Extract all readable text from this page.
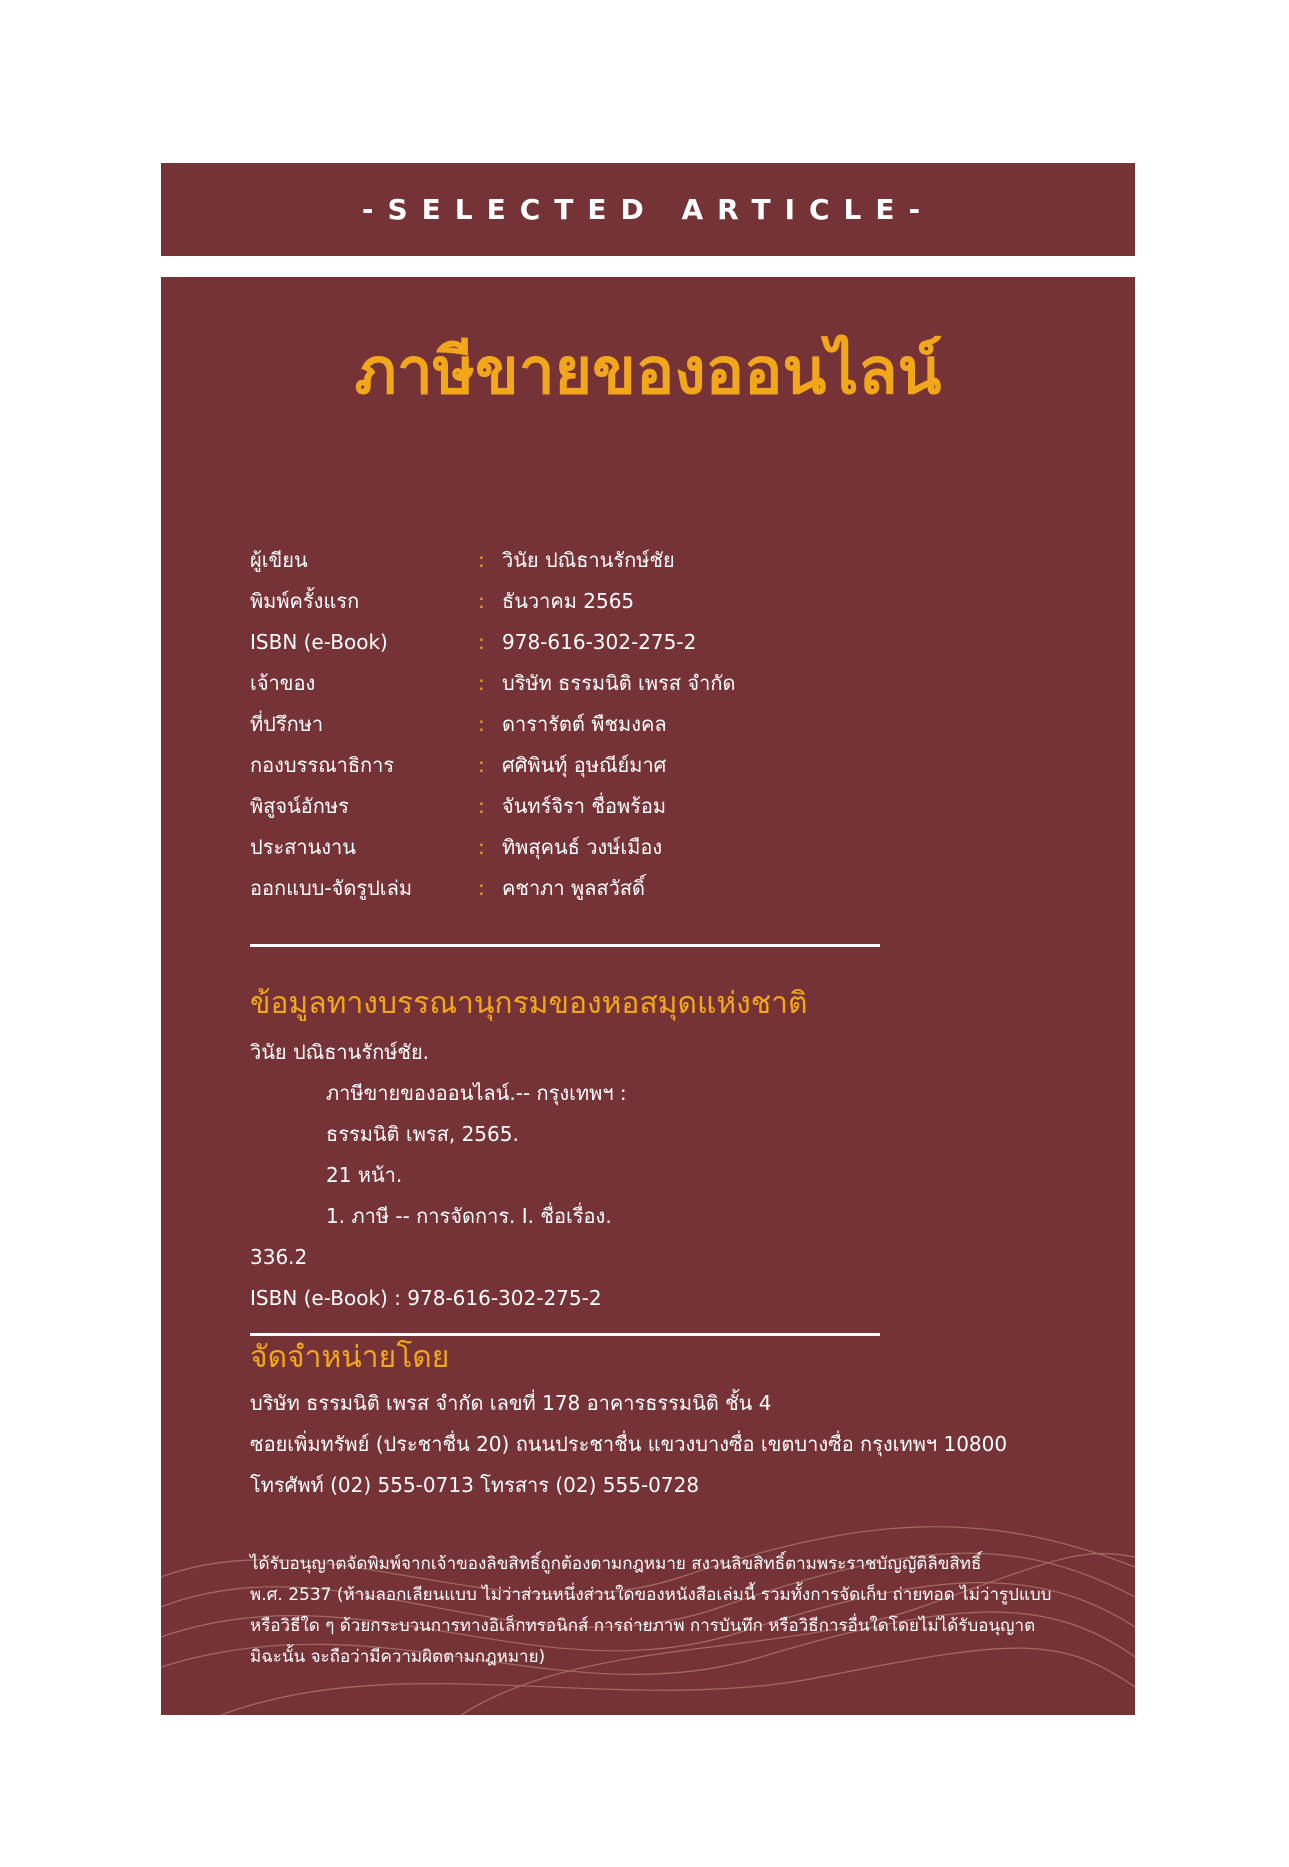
-SELECTED ARTICLE-
ภาษีขายของออนไลน์
ผู้เขียน	: วินัย ปณิธานรักษ์ชัย
พิมพ์ครั้งแรก	: ธันวาคม 2565
ISBN (e-Book)	: 978-616-302-275-2
เจ้าของ	: บริษัท ธรรมนิติ เพรส จำกัด
ที่ปรึกษา	: ดารารัตต์ พืชมงคล
กองบรรณาธิการ	: ศศิพินทุ์ อุษณีย์มาศ
พิสูจน์อักษร	: จันทร์จิรา ชื่อพร้อม
ประสานงาน	: ทิพสุคนธ์ วงษ์เมือง
ออกแบบ-จัดรูปเล่ม	: คชาภา พูลสวัสดิ์
ข้อมูลทางบรรณานุกรมของหอสมุดแห่งชาติ
วินัย ปณิธานรักษ์ชัย.
ภาษีขายของออนไลน์.-- กรุงเทพฯ :
ธรรมนิติ เพรส, 2565.
21 หน้า.
1. ภาษี -- การจัดการ. I. ชื่อเรื่อง.
336.2
ISBN (e-Book) : 978-616-302-275-2
จัดจำหน่ายโดย
บริษัท ธรรมนิติ เพรส จำกัด เลขที่ 178 อาคารธรรมนิติ ชั้น 4
ซอยเพิ่มทรัพย์ (ประชาชื่น 20) ถนนประชาชื่น แขวงบางซื่อ เขตบางซื่อ กรุงเทพฯ 10800
โทรศัพท์ (02) 555-0713 โทรสาร (02) 555-0728
ได้รับอนุญาตจัดพิมพ์จากเจ้าของลิขสิทธิ์ถูกต้องตามกฎหมาย สงวนลิขสิทธิ์ตามพระราชบัญญัติลิขสิทธิ์
พ.ศ. 2537 (ห้ามลอกเลียนแบบ ไม่ว่าส่วนหนึ่งส่วนใดของหนังสือเล่มนี้ รวมทั้งการจัดเก็บ ถ่ายทอด ไม่ว่ารูปแบบ
หรือวิธีใด ๆ ด้วยกระบวนการทางอิเล็กทรอนิกส์ การถ่ายภาพ การบันทึก หรือวิธีการอื่นใดโดยไม่ได้รับอนุญาต
มิฉะนั้น จะถือว่ามีความผิดตามกฎหมาย)
